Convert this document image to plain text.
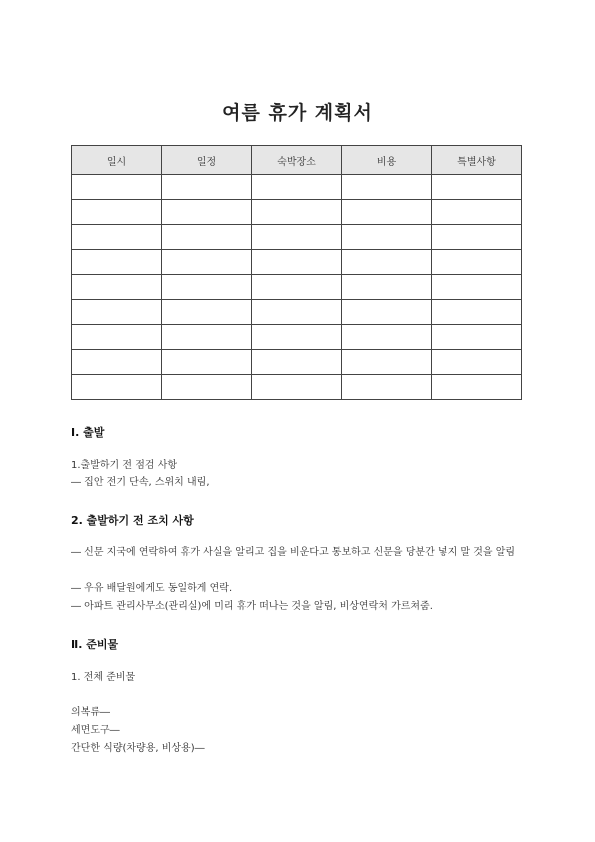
여름 휴가 계획서
일시	일정	숙박장소	비용	특별사항

Ⅰ. 출발

1.출발하기 전 점검 사항

― 집안 전기 단속, 스위치 내림,

2. 출발하기 전 조치 사항

― 신문 지국에 연락하여 휴가 사실을 알리고 집을 비운다고 통보하고 신문을 당분간 넣지 말 것을 알림

― 우유 배달원에게도 동일하게 연락.

― 아파트 관리사무소(관리실)에 미리 휴가 떠나는 것을 알림, 비상연락처 가르쳐줌.

Ⅱ. 준비물

1. 전체 준비물

의복류―

세면도구―

간단한 식량(차량용, 비상용)―
